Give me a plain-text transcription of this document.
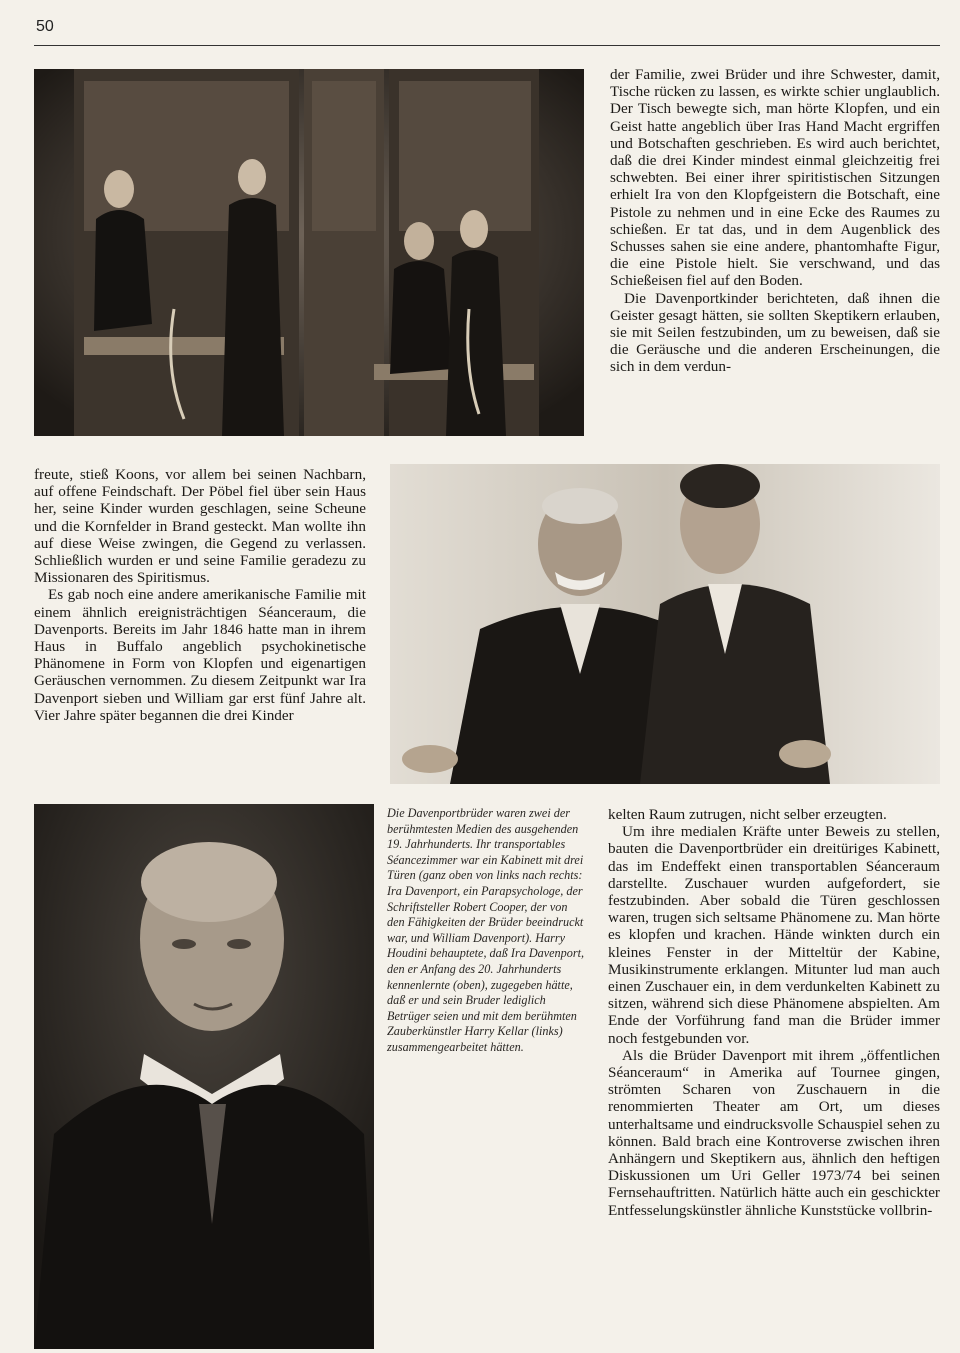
50

der Familie, zwei Brüder und ihre Schwester, damit, Tische rücken zu lassen, es wirkte schier unglaublich. Der Tisch bewegte sich, man hörte Klopfen, und ein Geist hatte angeblich über Iras Hand Macht ergriffen und Botschaften geschrieben. Es wird auch berichtet, daß die drei Kinder mindest einmal gleichzeitig frei schwebten. Bei einer ihrer spiritistischen Sitzungen erhielt Ira von den Klopfgeistern die Botschaft, eine Pistole zu nehmen und in eine Ecke des Raumes zu schießen. Er tat das, und in dem Augenblick des Schusses sahen sie eine andere, phantomhafte Figur, die eine Pistole hielt. Sie verschwand, und das Schießeisen fiel auf den Boden.

Die Davenportkinder berichteten, daß ihnen die Geister gesagt hätten, sie sollten Skeptikern erlauben, sie mit Seilen festzubinden, um zu beweisen, daß sie die Geräusche und die anderen Erscheinungen, die sich in dem verdun-

freute, stieß Koons, vor allem bei seinen Nachbarn, auf offene Feindschaft. Der Pöbel fiel über sein Haus her, seine Kinder wurden geschlagen, seine Scheune und die Kornfelder in Brand gesteckt. Man wollte ihn auf diese Weise zwingen, die Gegend zu verlassen. Schließlich wurden er und seine Familie geradezu zu Missionaren des Spiritismus.

Es gab noch eine andere amerikanische Familie mit einem ähnlich ereignisträchtigen Séanceraum, die Davenports. Bereits im Jahr 1846 hatte man in ihrem Haus in Buffalo angeblich psychokinetische Phänomene in Form von Klopfen und eigenartigen Geräuschen vernommen. Zu diesem Zeitpunkt war Ira Davenport sieben und William gar erst fünf Jahre alt. Vier Jahre später begannen die drei Kinder

Die Davenportbrüder waren zwei der berühmtesten Medien des ausgehenden 19. Jahrhunderts. Ihr transportables Séancezimmer war ein Kabinett mit drei Türen (ganz oben von links nach rechts: Ira Davenport, ein Parapsychologe, der Schriftsteller Robert Cooper, der von den Fähigkeiten der Brüder beeindruckt war, und William Davenport). Harry Houdini behauptete, daß Ira Davenport, den er Anfang des 20. Jahrhunderts kennenlernte (oben), zugegeben hätte, daß er und sein Bruder lediglich Betrüger seien und mit dem berühmten Zauberkünstler Harry Kellar (links) zusammengearbeitet hätten.

kelten Raum zutrugen, nicht selber erzeugten.

Um ihre medialen Kräfte unter Beweis zu stellen, bauten die Davenportbrüder ein dreitüriges Kabinett, das im Endeffekt einen transportablen Séanceraum darstellte. Zuschauer wurden aufgefordert, sie festzubinden. Aber sobald die Türen geschlossen waren, trugen sich seltsame Phänomene zu. Man hörte es klopfen und krachen. Hände winkten durch ein kleines Fenster in der Mitteltür der Kabine, Musikinstrumente erklangen. Mitunter lud man auch einen Zuschauer ein, in dem verdunkelten Kabinett zu sitzen, während sich diese Phänomene abspielten. Am Ende der Vorführung fand man die Brüder immer noch festgebunden vor.

Als die Brüder Davenport mit ihrem „öffentlichen Séanceraum“ in Amerika auf Tournee gingen, strömten Scharen von Zuschauern in die renommierten Theater am Ort, um dieses unterhaltsame und eindrucksvolle Schauspiel sehen zu können. Bald brach eine Kontroverse zwischen ihren Anhängern und Skeptikern aus, ähnlich den heftigen Diskussionen um Uri Geller 1973/74 bei seinen Fernsehauftritten. Natürlich hätte auch ein geschickter Entfesselungskünstler ähnliche Kunststücke vollbrin-
